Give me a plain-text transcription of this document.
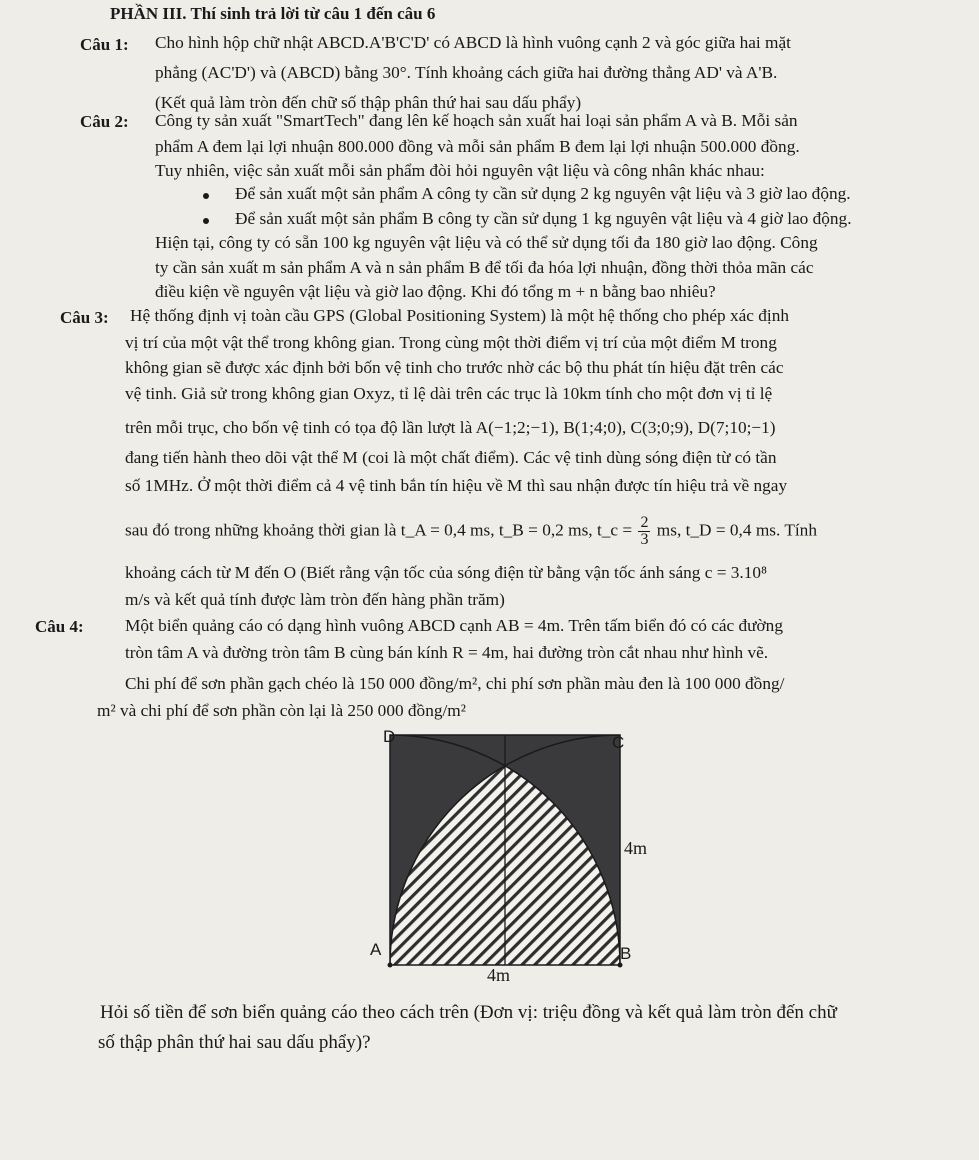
PHẦN III. Thí sinh trả lời từ câu 1 đến câu 6
Câu 1: Cho hình hộp chữ nhật ABCD.A'B'C'D' có ABCD là hình vuông cạnh 2 và góc giữa hai mặt
phẳng (AC'D') và (ABCD) bằng 30°. Tính khoảng cách giữa hai đường thẳng AD' và A'B.
(Kết quả làm tròn đến chữ số thập phân thứ hai sau dấu phẩy)
Câu 2: Công ty sản xuất "SmartTech" đang lên kế hoạch sản xuất hai loại sản phẩm A và B. Mỗi sản
phẩm A đem lại lợi nhuận 800.000 đồng và mỗi sản phẩm B đem lại lợi nhuận 500.000 đồng.
Tuy nhiên, việc sản xuất mỗi sản phẩm đòi hỏi nguyên vật liệu và công nhân khác nhau:
Để sản xuất một sản phẩm A công ty cần sử dụng 2 kg nguyên vật liệu và 3 giờ lao động.
Để sản xuất một sản phẩm B công ty cần sử dụng 1 kg nguyên vật liệu và 4 giờ lao động.
Hiện tại, công ty có sẵn 100 kg nguyên vật liệu và có thể sử dụng tối đa 180 giờ lao động. Công
ty cần sản xuất m sản phẩm A và n sản phẩm B để tối đa hóa lợi nhuận, đồng thời thỏa mãn các
điều kiện về nguyên vật liệu và giờ lao động. Khi đó tổng m + n bằng bao nhiêu?
Câu 3: Hệ thống định vị toàn cầu GPS (Global Positioning System) là một hệ thống cho phép xác định
vị trí của một vật thể trong không gian. Trong cùng một thời điểm vị trí của một điểm M trong
không gian sẽ được xác định bởi bốn vệ tinh cho trước nhờ các bộ thu phát tín hiệu đặt trên các
vệ tinh. Giả sử trong không gian Oxyz, tỉ lệ dài trên các trục là 10km tính cho một đơn vị tỉ lệ
trên mỗi trục, cho bốn vệ tinh có tọa độ lần lượt là A(−1;2;−1), B(1;4;0), C(3;0;9), D(7;10;−1)
đang tiến hành theo dõi vật thể M (coi là một chất điểm). Các vệ tinh dùng sóng điện từ có tần
số 1MHz. Ở một thời điểm cả 4 vệ tinh bắn tín hiệu về M thì sau nhận được tín hiệu trả về ngay
sau đó trong những khoảng thời gian là t_A = 0,4 ms, t_B = 0,2 ms, t_c = $\frac{2}{3}$ ms, t_D = 0,4 ms. Tính
khoảng cách từ M đến O (Biết rằng vận tốc của sóng điện từ bằng vận tốc ánh sáng c = 3.10⁸
m/s và kết quả tính được làm tròn đến hàng phần trăm)
Câu 4: Một biển quảng cáo có dạng hình vuông ABCD cạnh AB = 4m. Trên tấm biển đó có các đường
tròn tâm A và đường tròn tâm B cùng bán kính R = 4m, hai đường tròn cắt nhau như hình vẽ.
Chi phí để sơn phần gạch chéo là 150 000 đồng/m², chi phí sơn phần màu đen là 100 000 đồng/
m² và chi phí để sơn phần còn lại là 250 000 đồng/m²
D	C
A	B
4m
4m
Hỏi số tiền để sơn biển quảng cáo theo cách trên (Đơn vị: triệu đồng và kết quả làm tròn đến chữ
số thập phân thứ hai sau dấu phẩy)?
